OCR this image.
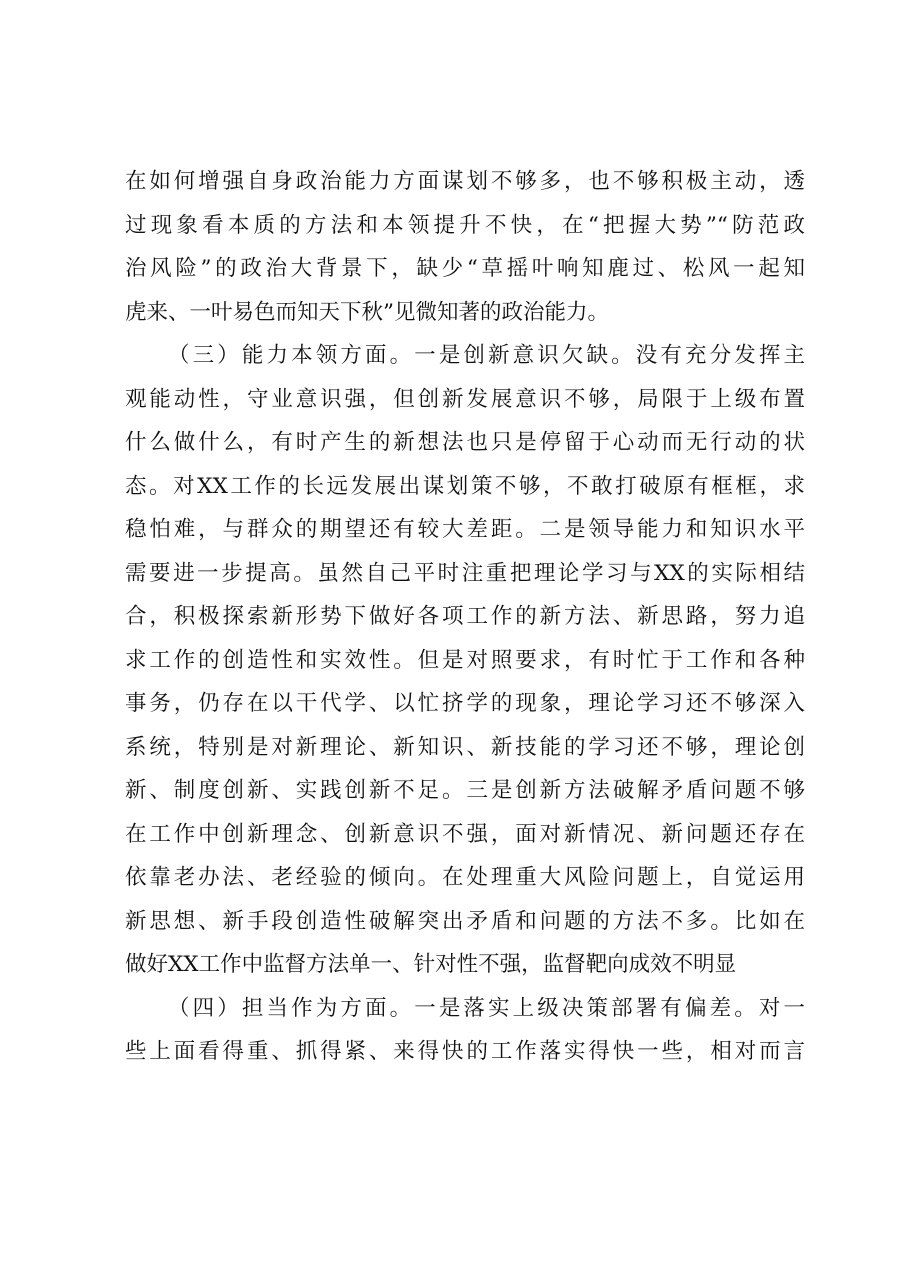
在如何增强自身政治能力方面谋划不够多，也不够积极主动，透
过现象看本质的方法和本领提升不快，在“把握大势”“防范政
治风险”的政治大背景下，缺少“草摇叶响知鹿过、松风一起知
虎来、一叶易色而知天下秋”见微知著的政治能力。
（三）能力本领方面。一是创新意识欠缺。没有充分发挥主
观能动性，守业意识强，但创新发展意识不够，局限于上级布置
什么做什么，有时产生的新想法也只是停留于心动而无行动的状
态。对XX工作的长远发展出谋划策不够，不敢打破原有框框，求
稳怕难，与群众的期望还有较大差距。二是领导能力和知识水平
需要进一步提高。虽然自己平时注重把理论学习与XX的实际相结
合，积极探索新形势下做好各项工作的新方法、新思路，努力追
求工作的创造性和实效性。但是对照要求，有时忙于工作和各种
事务，仍存在以干代学、以忙挤学的现象，理论学习还不够深入
系统，特别是对新理论、新知识、新技能的学习还不够，理论创
新、制度创新、实践创新不足。三是创新方法破解矛盾问题不够
在工作中创新理念、创新意识不强，面对新情况、新问题还存在
依靠老办法、老经验的倾向。在处理重大风险问题上，自觉运用
新思想、新手段创造性破解突出矛盾和问题的方法不多。比如在
做好XX工作中监督方法单一、针对性不强，监督靶向成效不明显
（四）担当作为方面。一是落实上级决策部署有偏差。对一
些上面看得重、抓得紧、来得快的工作落实得快一些，相对而言
